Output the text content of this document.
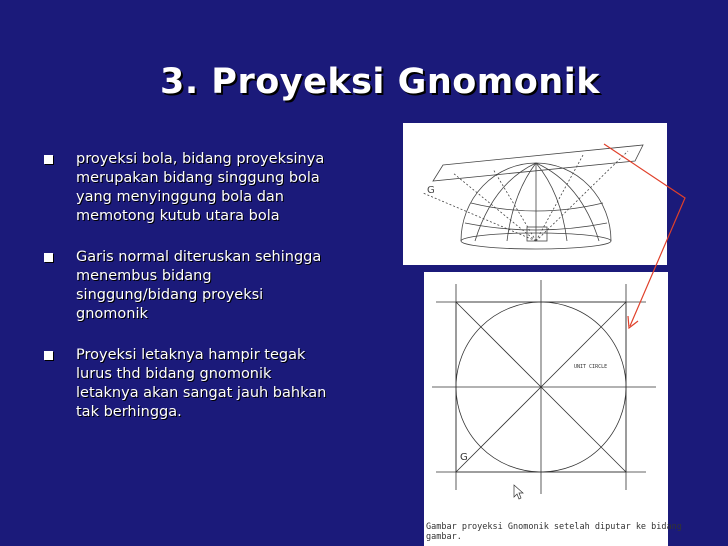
3. Proyeksi Gnomonik
proyeksi bola, bidang proyeksinya merupakan bidang singgung bola yang menyinggung bola dan memotong kutub utara bola
Garis normal diteruskan sehingga menembus bidang singgung/bidang proyeksi gnomonik
Proyeksi letaknya hampir tegak lurus thd bidang gnomonik letaknya akan sangat jauh bahkan tak berhingga.
G
UNIT CIRCLE
G
Gambar proyeksi Gnomonik setelah diputar ke bidang gambar.
